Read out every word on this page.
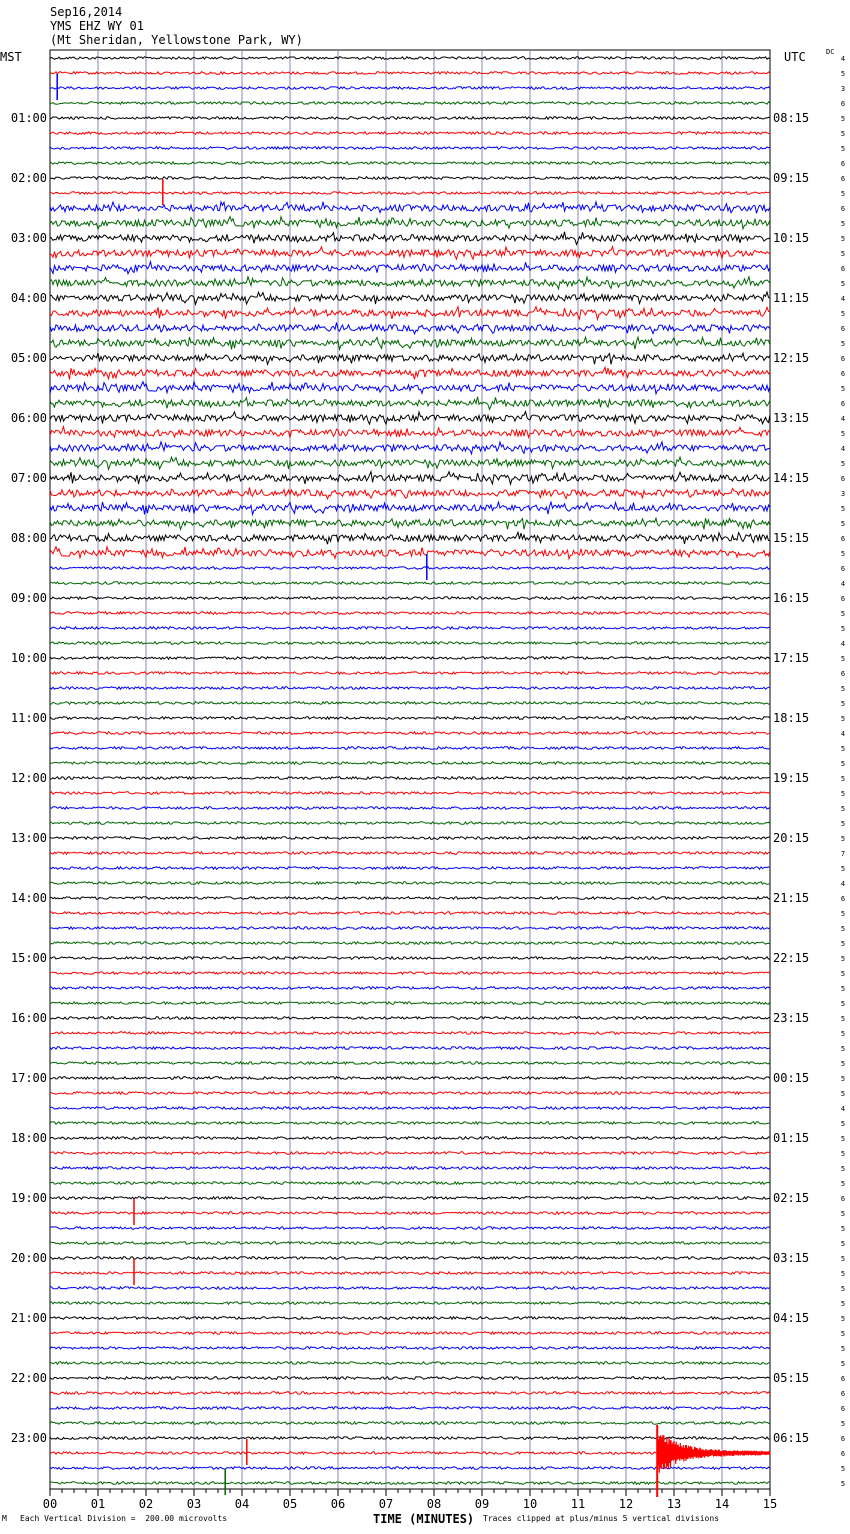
Sep16,2014
YMS EHZ WY 01
(Mt Sheridan, Yellowstone Park, WY)
MST	UTC	DC
01:00
02:00
03:00
04:00
05:00
06:00
07:00
08:00
09:00
10:00
11:00
12:00
13:00
14:00
15:00
16:00
17:00
18:00
19:00
20:00
21:00
22:00
23:00
08:15
09:15
10:15
11:15
12:15
13:15
14:15
15:15
16:15
17:15
18:15
19:15
20:15
21:15
22:15
23:15
00:15
01:15
02:15
03:15
04:15
05:15
06:15
4
5
3
6
5
5
5
6
6
5
6
5
5
5
6
5
4
5
6
5
6
6
5
6
4
5
4
5
6
3
5
5
6
5
6
4
6
5
5
4
5
6
5
5
5
4
5
5
5
5
5
5
5
7
5
4
6
5
5
5
5
5
5
5
5
5
5
5
5
5
4
5
5
5
5
5
6
5
5
5
5
5
5
5
5
5
5
5
6
6
6
5
6
6
5
5
00	01	02	03	04	05	06	07	08	09	10	11	12	13	14	15
TIME (MINUTES)
M Each Vertical Division =  200.00 microvolts	Traces clipped at plus/minus 5 vertical divisions
